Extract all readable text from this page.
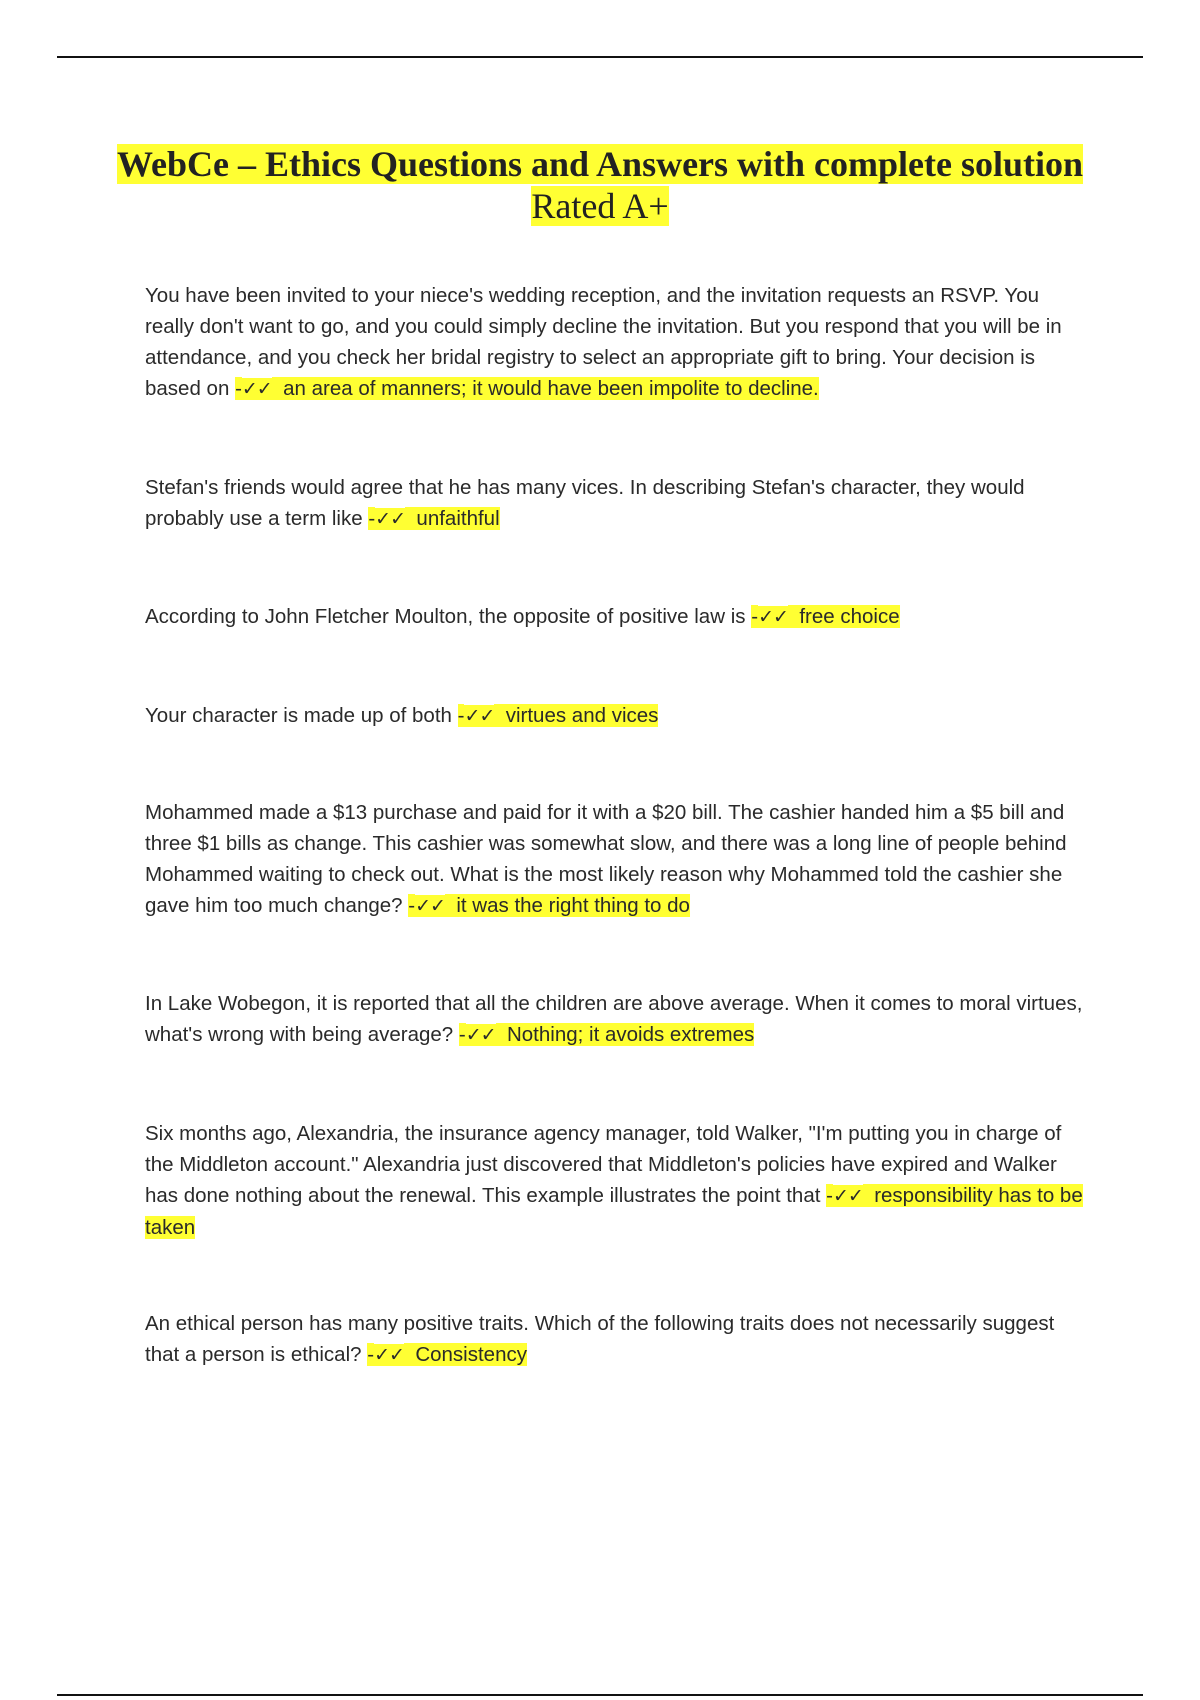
WebCe – Ethics Questions and Answers with complete solution Rated A+

You have been invited to your niece's wedding reception, and the invitation requests an RSVP. You really don't want to go, and you could simply decline the invitation. But you respond that you will be in attendance, and you check her bridal registry to select an appropriate gift to bring. Your decision is based on -✓✓ an area of manners; it would have been impolite to decline.

Stefan's friends would agree that he has many vices. In describing Stefan's character, they would probably use a term like -✓✓ unfaithful

According to John Fletcher Moulton, the opposite of positive law is -✓✓ free choice

Your character is made up of both -✓✓ virtues and vices

Mohammed made a $13 purchase and paid for it with a $20 bill. The cashier handed him a $5 bill and three $1 bills as change. This cashier was somewhat slow, and there was a long line of people behind Mohammed waiting to check out. What is the most likely reason why Mohammed told the cashier she gave him too much change? -✓✓ it was the right thing to do

In Lake Wobegon, it is reported that all the children are above average. When it comes to moral virtues, what's wrong with being average? -✓✓ Nothing; it avoids extremes

Six months ago, Alexandria, the insurance agency manager, told Walker, "I'm putting you in charge of the Middleton account." Alexandria just discovered that Middleton's policies have expired and Walker has done nothing about the renewal. This example illustrates the point that -✓✓ responsibility has to be taken

An ethical person has many positive traits. Which of the following traits does not necessarily suggest that a person is ethical? -✓✓ Consistency
